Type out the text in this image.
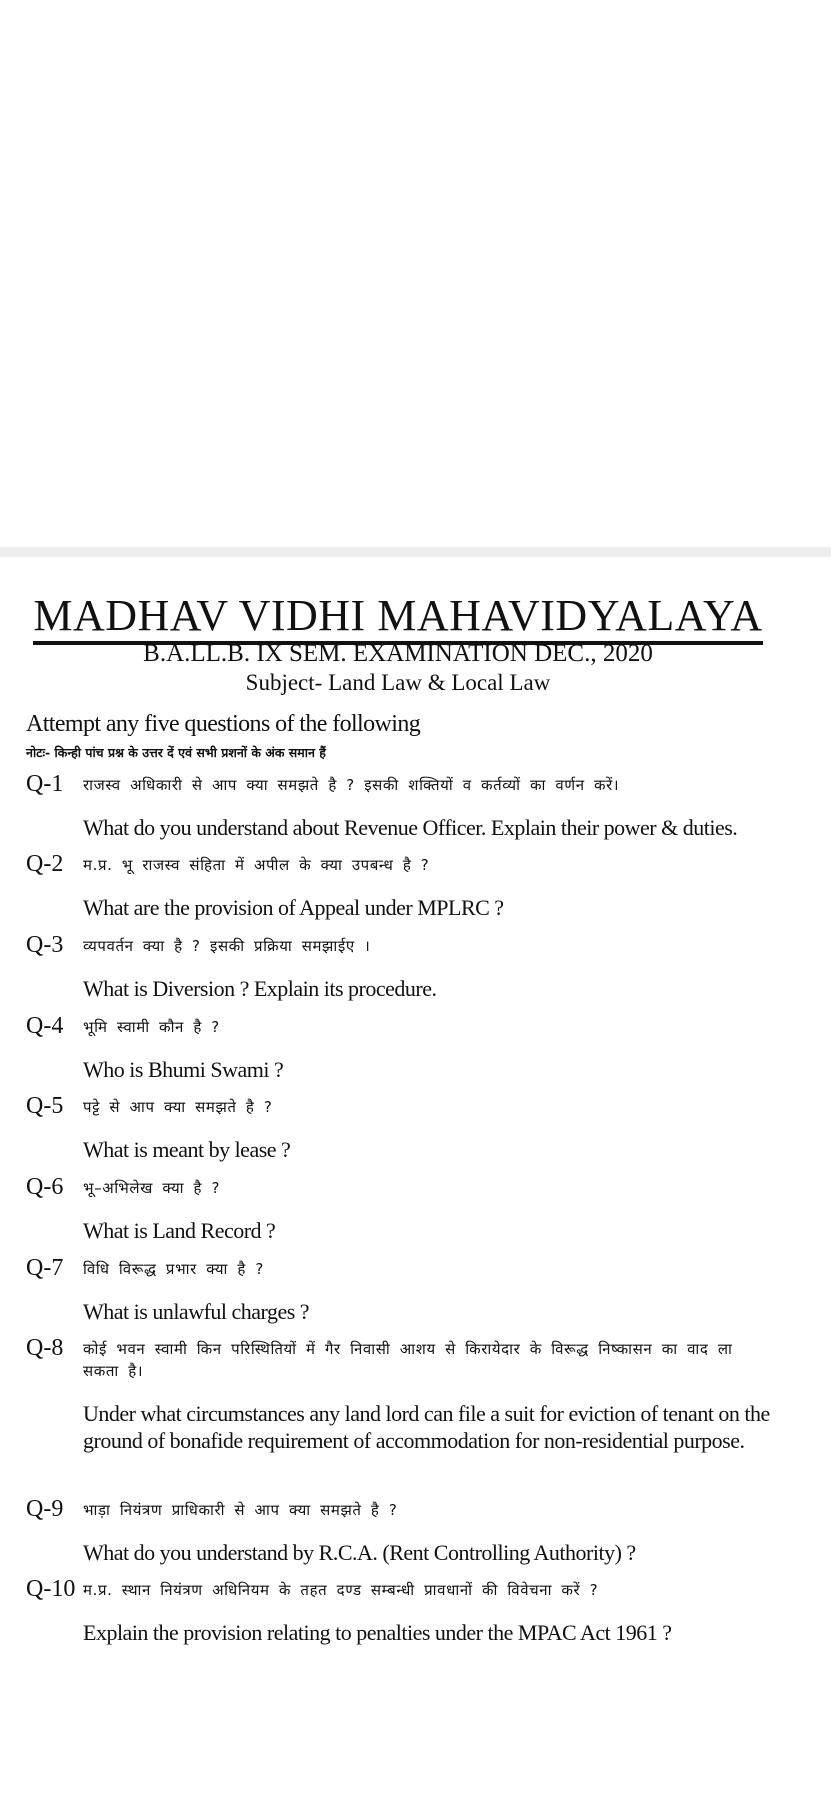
MADHAV VIDHI MAHAVIDYALAYA
B.A.LL.B. IX SEM. EXAMINATION DEC., 2020
Subject- Land Law & Local Law
Attempt any five questions of the following
नोटः- किन्ही पांच प्रश्न के उत्तर दें एवं सभी प्रशनों के अंक समान हैं
Q-1 राजस्व अधिकारी से आप क्या समझते है ? इसकी शक्तियों व कर्तव्यों का वर्णन करें।
What do you understand about Revenue Officer. Explain their power & duties.
Q-2 म.प्र. भू राजस्व संहिता में अपील के क्या उपबन्ध है ?
What are the provision of Appeal under MPLRC ?
Q-3 व्यपवर्तन क्या है ? इसकी प्रक्रिया समझाईए ।
What is Diversion ? Explain its procedure.
Q-4 भूमि स्वामी कौन है ?
Who is Bhumi Swami ?
Q-5 पट्टे से आप क्या समझते है ?
What is meant by lease ?
Q-6 भू–अभिलेख क्या है ?
What is Land Record ?
Q-7 विधि विरूद्ध प्रभार क्या है ?
What is unlawful charges ?
Q-8 कोई भवन स्वामी किन परिस्थितियों में गैर निवासी आशय से किरायेदार के विरूद्ध निष्कासन का वाद ला सकता है।
Under what circumstances any land lord can file a suit for eviction of tenant on the ground of bonafide requirement of accommodation for non-residential purpose.
Q-9 भाड़ा नियंत्रण प्राधिकारी से आप क्या समझते है ?
What do you understand by R.C.A. (Rent Controlling Authority) ?
Q-10 म.प्र. स्थान नियंत्रण अधिनियम के तहत दण्ड सम्बन्धी प्रावधानों की विवेचना करें ?
Explain the provision relating to penalties under the MPAC Act 1961 ?
